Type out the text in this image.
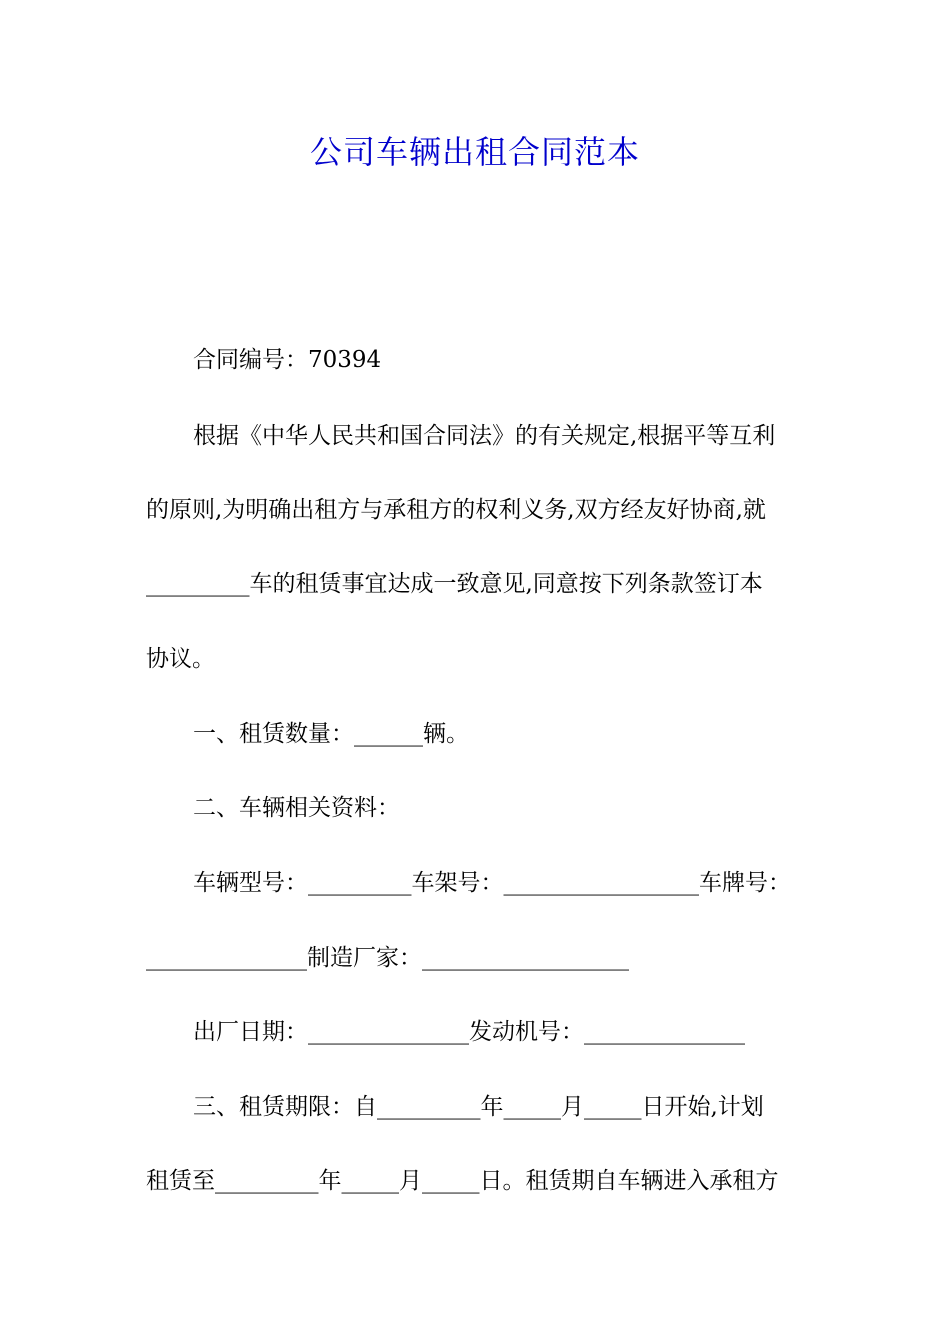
公司车辆出租合同范本

合同编号：70394

根据《中华人民共和国合同法》的有关规定,根据平等互利

的原则,为明确出租方与承租方的权利义务,双方经友好协商,就

_________车的租赁事宜达成一致意见,同意按下列条款签订本

协议。

一、租赁数量：______辆。

二、车辆相关资料：

车辆型号：_________车架号：_________________车牌号：

______________制造厂家：__________________

出厂日期：______________发动机号：______________

三、租赁期限：自_________年_____月_____日开始,计划

租赁至_________年_____月_____日。租赁期自车辆进入承租方
